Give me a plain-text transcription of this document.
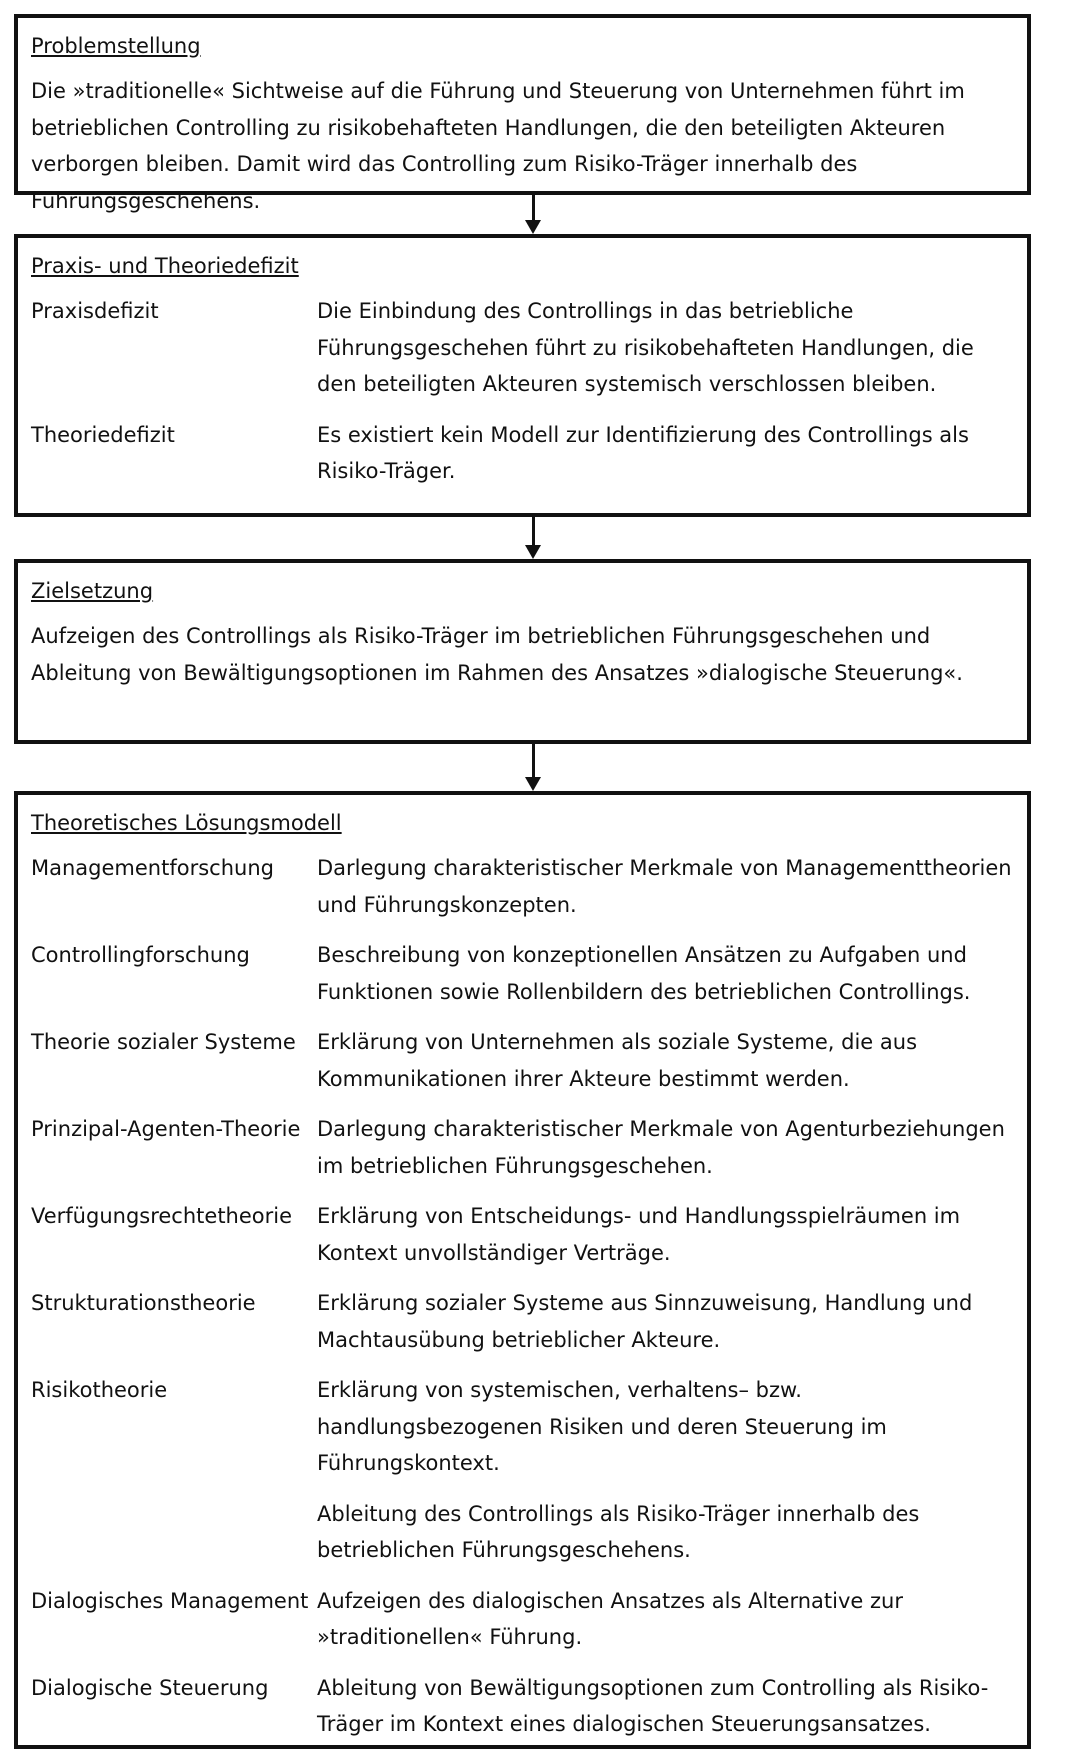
Problemstellung

Die »traditionelle« Sichtweise auf die Führung und Steuerung von Unternehmen führt im betrieblichen Controlling zu risikobehafteten Handlungen, die den beteiligten Akteuren verborgen bleiben. Damit wird das Controlling zum Risiko-Träger innerhalb des Führungsgeschehens.

Praxis- und Theoriedefizit
Praxisdefizit	Die Einbindung des Controllings in das betriebliche Führungsgeschehen führt zu risikobehafteten Handlungen, die den beteiligten Akteuren systemisch verschlossen bleiben.

Theoriedefizit	Es existiert kein Modell zur Identifizierung des Controllings als Risiko-Träger.

Zielsetzung

Aufzeigen des Controllings als Risiko-Träger im betrieblichen Führungsgeschehen und Ableitung von Bewältigungsoptionen im Rahmen des Ansatzes »dialogische Steuerung«.

Theoretisches Lösungsmodell
Managementforschung	Darlegung charakteristischer Merkmale von Managementtheorien und Führungskonzepten.

Controllingforschung	Beschreibung von konzeptionellen Ansätzen zu Aufgaben und Funktionen sowie Rollenbildern des betrieblichen Controllings.

Theorie sozialer Systeme	Erklärung von Unternehmen als soziale Systeme, die aus Kommunikationen ihrer Akteure bestimmt werden.

Prinzipal-Agenten-Theorie Darlegung charakteristischer Merkmale von Agenturbeziehungen im betrieblichen Führungsgeschehen.

Verfügungsrechtetheorie	Erklärung von Entscheidungs- und Handlungsspielräumen im Kontext unvollständiger Verträge.

Strukturationstheorie	Erklärung sozialer Systeme aus Sinnzuweisung, Handlung und Machtausübung betrieblicher Akteure.

Risikotheorie	Erklärung von systemischen, verhaltens– bzw. handlungsbezogenen Risiken und deren Steuerung im Führungskontext.

Ableitung des Controllings als Risiko-Träger innerhalb des betrieblichen Führungsgeschehens.

Dialogisches Management Aufzeigen des dialogischen Ansatzes als Alternative zur »traditionellen« Führung.

Dialogische Steuerung	Ableitung von Bewältigungsoptionen zum Controlling als Risiko-Träger im Kontext eines dialogischen Steuerungsansatzes.
